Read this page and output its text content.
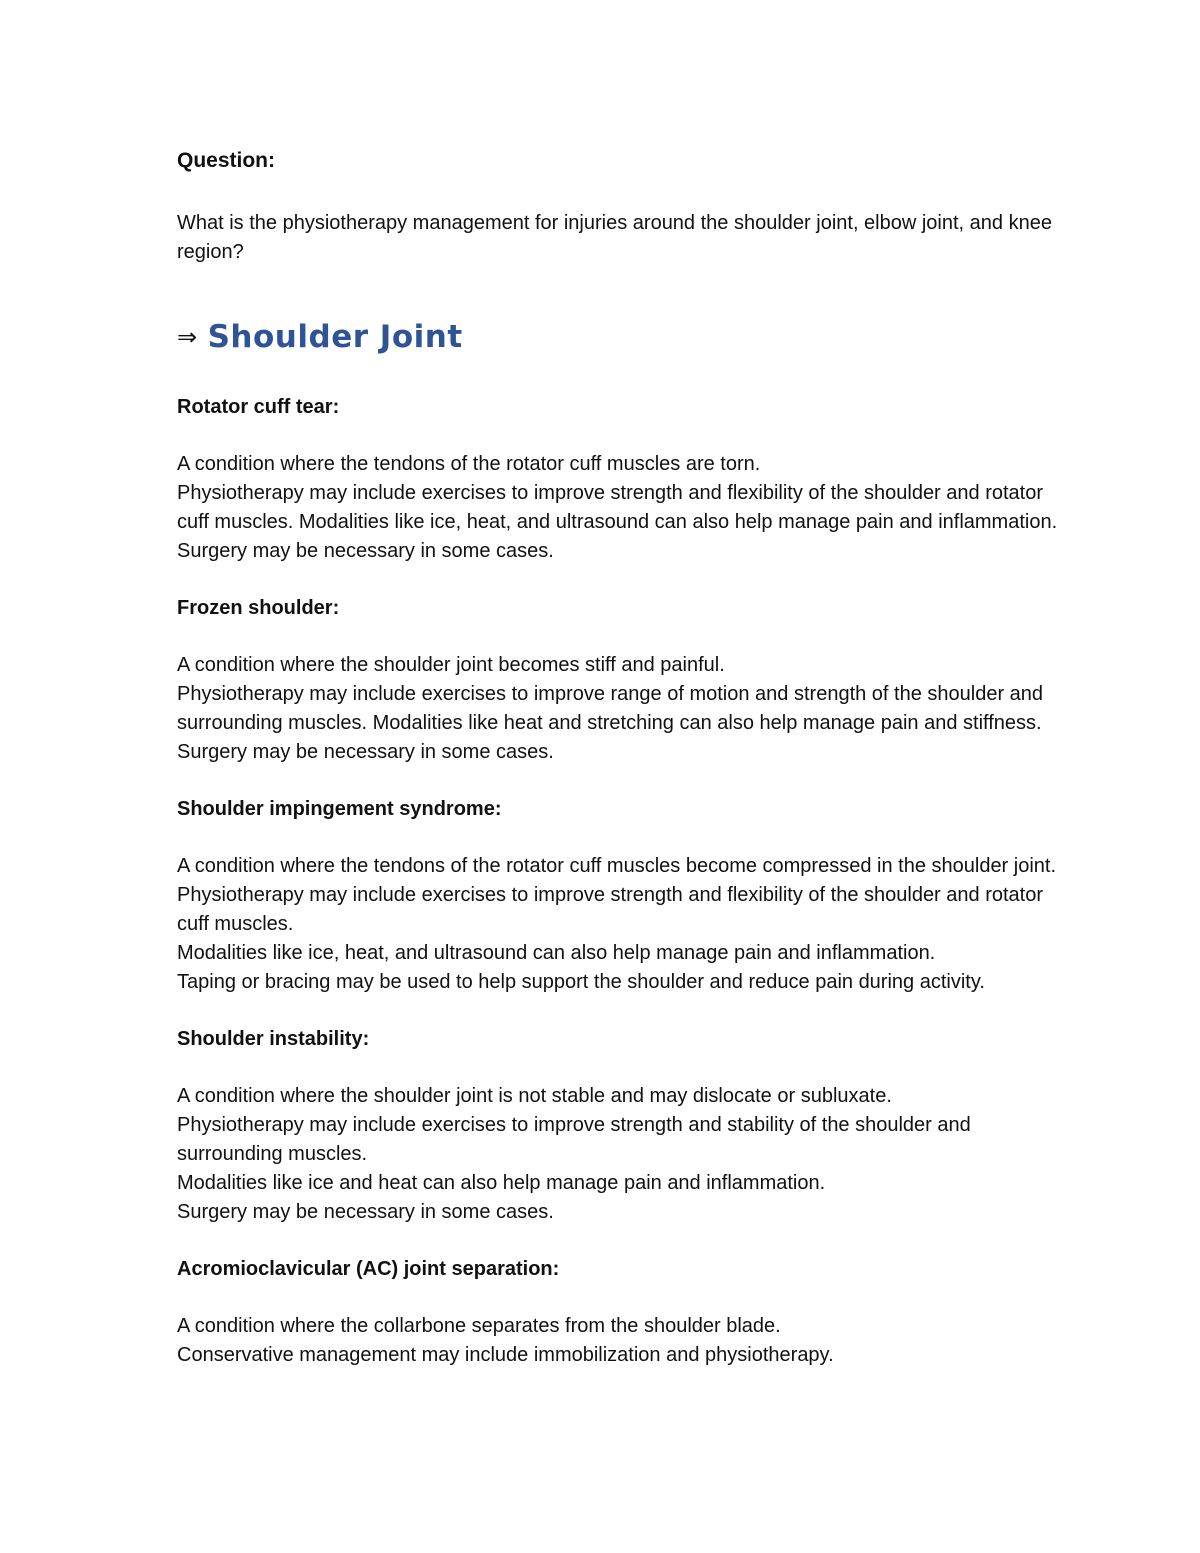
Question:

What is the physiotherapy management for injuries around the shoulder joint, elbow joint, and knee region?

⇒ Shoulder Joint

Rotator cuff tear:

A condition where the tendons of the rotator cuff muscles are torn.
Physiotherapy may include exercises to improve strength and flexibility of the shoulder and rotator cuff muscles. Modalities like ice, heat, and ultrasound can also help manage pain and inflammation. Surgery may be necessary in some cases.

Frozen shoulder:

A condition where the shoulder joint becomes stiff and painful.
Physiotherapy may include exercises to improve range of motion and strength of the shoulder and surrounding muscles. Modalities like heat and stretching can also help manage pain and stiffness. Surgery may be necessary in some cases.

Shoulder impingement syndrome:

A condition where the tendons of the rotator cuff muscles become compressed in the shoulder joint.
Physiotherapy may include exercises to improve strength and flexibility of the shoulder and rotator cuff muscles.
Modalities like ice, heat, and ultrasound can also help manage pain and inflammation.
Taping or bracing may be used to help support the shoulder and reduce pain during activity.

Shoulder instability:

A condition where the shoulder joint is not stable and may dislocate or subluxate.
Physiotherapy may include exercises to improve strength and stability of the shoulder and surrounding muscles.
Modalities like ice and heat can also help manage pain and inflammation.
Surgery may be necessary in some cases.

Acromioclavicular (AC) joint separation:

A condition where the collarbone separates from the shoulder blade.
Conservative management may include immobilization and physiotherapy.
